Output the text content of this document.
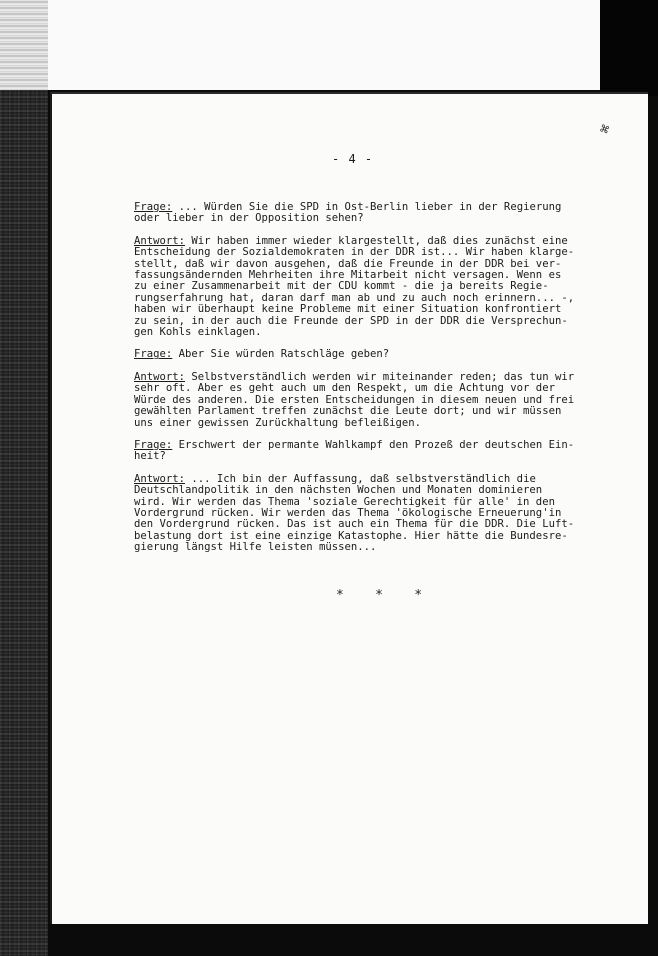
- 4 -
⌘
Frage: ... Würden Sie die SPD in Ost-Berlin lieber in der Regierung
oder lieber in der Opposition sehen?
Antwort: Wir haben immer wieder klargestellt, daß dies zunächst eine
Entscheidung der Sozialdemokraten in der DDR ist... Wir haben klarge-
stellt, daß wir davon ausgehen, daß die Freunde in der DDR bei ver-
fassungsändernden Mehrheiten ihre Mitarbeit nicht versagen. Wenn es
zu einer Zusammenarbeit mit der CDU kommt - die ja bereits Regie-
rungserfahrung hat, daran darf man ab und zu auch noch erinnern... -,
haben wir überhaupt keine Probleme mit einer Situation konfrontiert
zu sein, in der auch die Freunde der SPD in der DDR die Versprechun-
gen Kohls einklagen.
Frage: Aber Sie würden Ratschläge geben?
Antwort: Selbstverständlich werden wir miteinander reden; das tun wir
sehr oft. Aber es geht auch um den Respekt, um die Achtung vor der
Würde des anderen. Die ersten Entscheidungen in diesem neuen und frei
gewählten Parlament treffen zunächst die Leute dort; und wir müssen
uns einer gewissen Zurückhaltung befleißigen.
Frage: Erschwert der permante Wahlkampf den Prozeß der deutschen Ein-
heit?
Antwort: ... Ich bin der Auffassung, daß selbstverständlich die
Deutschlandpolitik in den nächsten Wochen und Monaten dominieren
wird. Wir werden das Thema 'soziale Gerechtigkeit für alle' in den
Vordergrund rücken. Wir werden das Thema 'ökologische Erneuerung'in
den Vordergrund rücken. Das ist auch ein Thema für die DDR. Die Luft-
belastung dort ist eine einzige Katastophe. Hier hätte die Bundesre-
gierung längst Hilfe leisten müssen...
*    *    *
